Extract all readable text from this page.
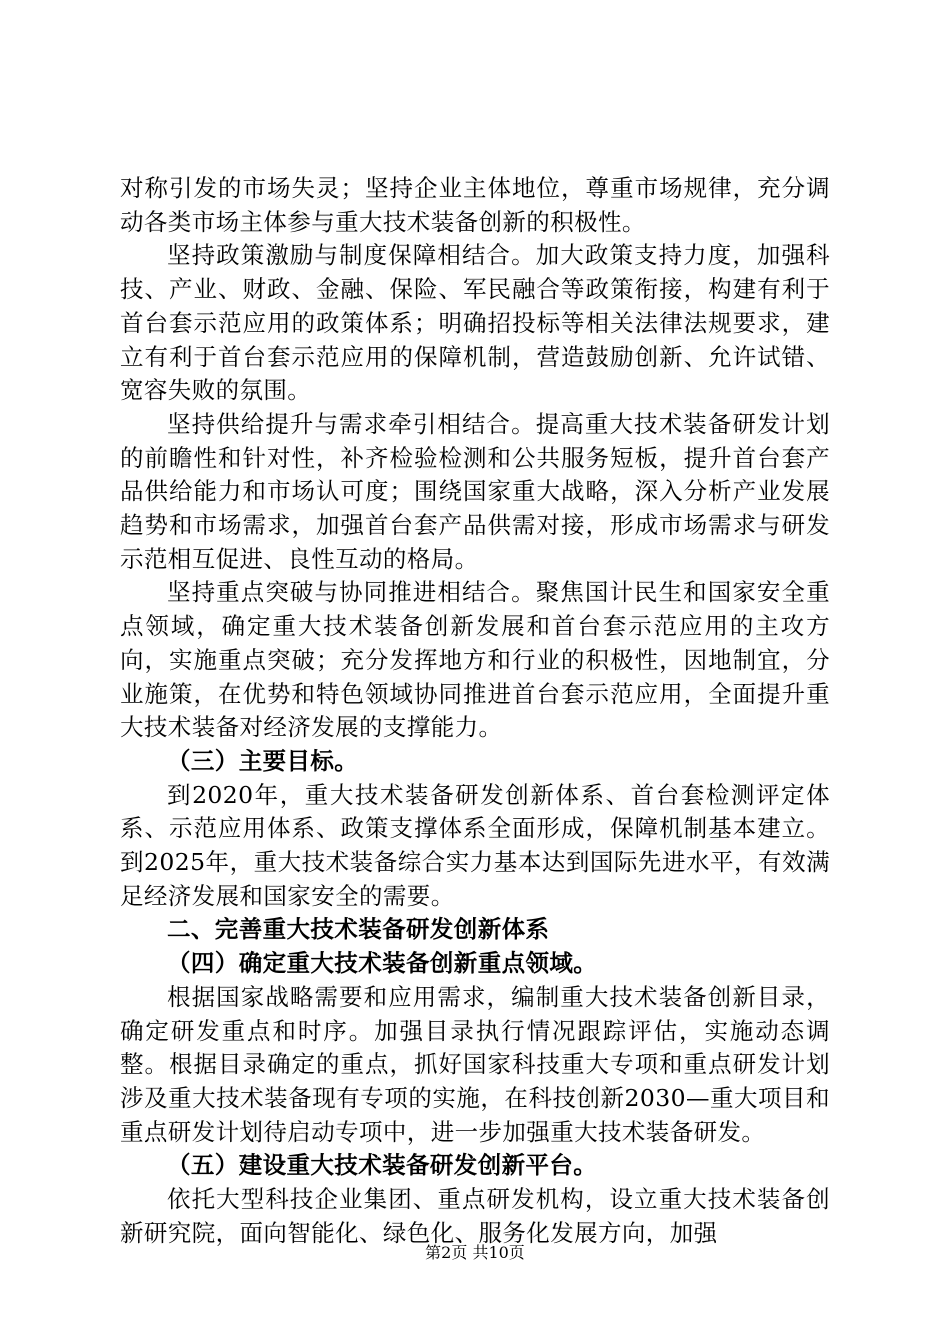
对称引发的市场失灵；坚持企业主体地位，尊重市场规律，充分调动各类市场主体参与重大技术装备创新的积极性。

坚持政策激励与制度保障相结合。加大政策支持力度，加强科技、产业、财政、金融、保险、军民融合等政策衔接，构建有利于首台套示范应用的政策体系；明确招投标等相关法律法规要求，建立有利于首台套示范应用的保障机制，营造鼓励创新、允许试错、宽容失败的氛围。

坚持供给提升与需求牵引相结合。提高重大技术装备研发计划的前瞻性和针对性，补齐检验检测和公共服务短板，提升首台套产品供给能力和市场认可度；围绕国家重大战略，深入分析产业发展趋势和市场需求，加强首台套产品供需对接，形成市场需求与研发示范相互促进、良性互动的格局。

坚持重点突破与协同推进相结合。聚焦国计民生和国家安全重点领域，确定重大技术装备创新发展和首台套示范应用的主攻方向，实施重点突破；充分发挥地方和行业的积极性，因地制宜，分业施策，在优势和特色领域协同推进首台套示范应用，全面提升重大技术装备对经济发展的支撑能力。

（三）主要目标。

到2020年，重大技术装备研发创新体系、首台套检测评定体系、示范应用体系、政策支撑体系全面形成，保障机制基本建立。到2025年，重大技术装备综合实力基本达到国际先进水平，有效满足经济发展和国家安全的需要。

二、完善重大技术装备研发创新体系

（四）确定重大技术装备创新重点领域。

根据国家战略需要和应用需求，编制重大技术装备创新目录，确定研发重点和时序。加强目录执行情况跟踪评估，实施动态调整。根据目录确定的重点，抓好国家科技重大专项和重点研发计划涉及重大技术装备现有专项的实施，在科技创新2030—重大项目和重点研发计划待启动专项中，进一步加强重大技术装备研发。

（五）建设重大技术装备研发创新平台。

依托大型科技企业集团、重点研发机构，设立重大技术装备创新研究院，面向智能化、绿色化、服务化发展方向，加强

第2页 共10页
